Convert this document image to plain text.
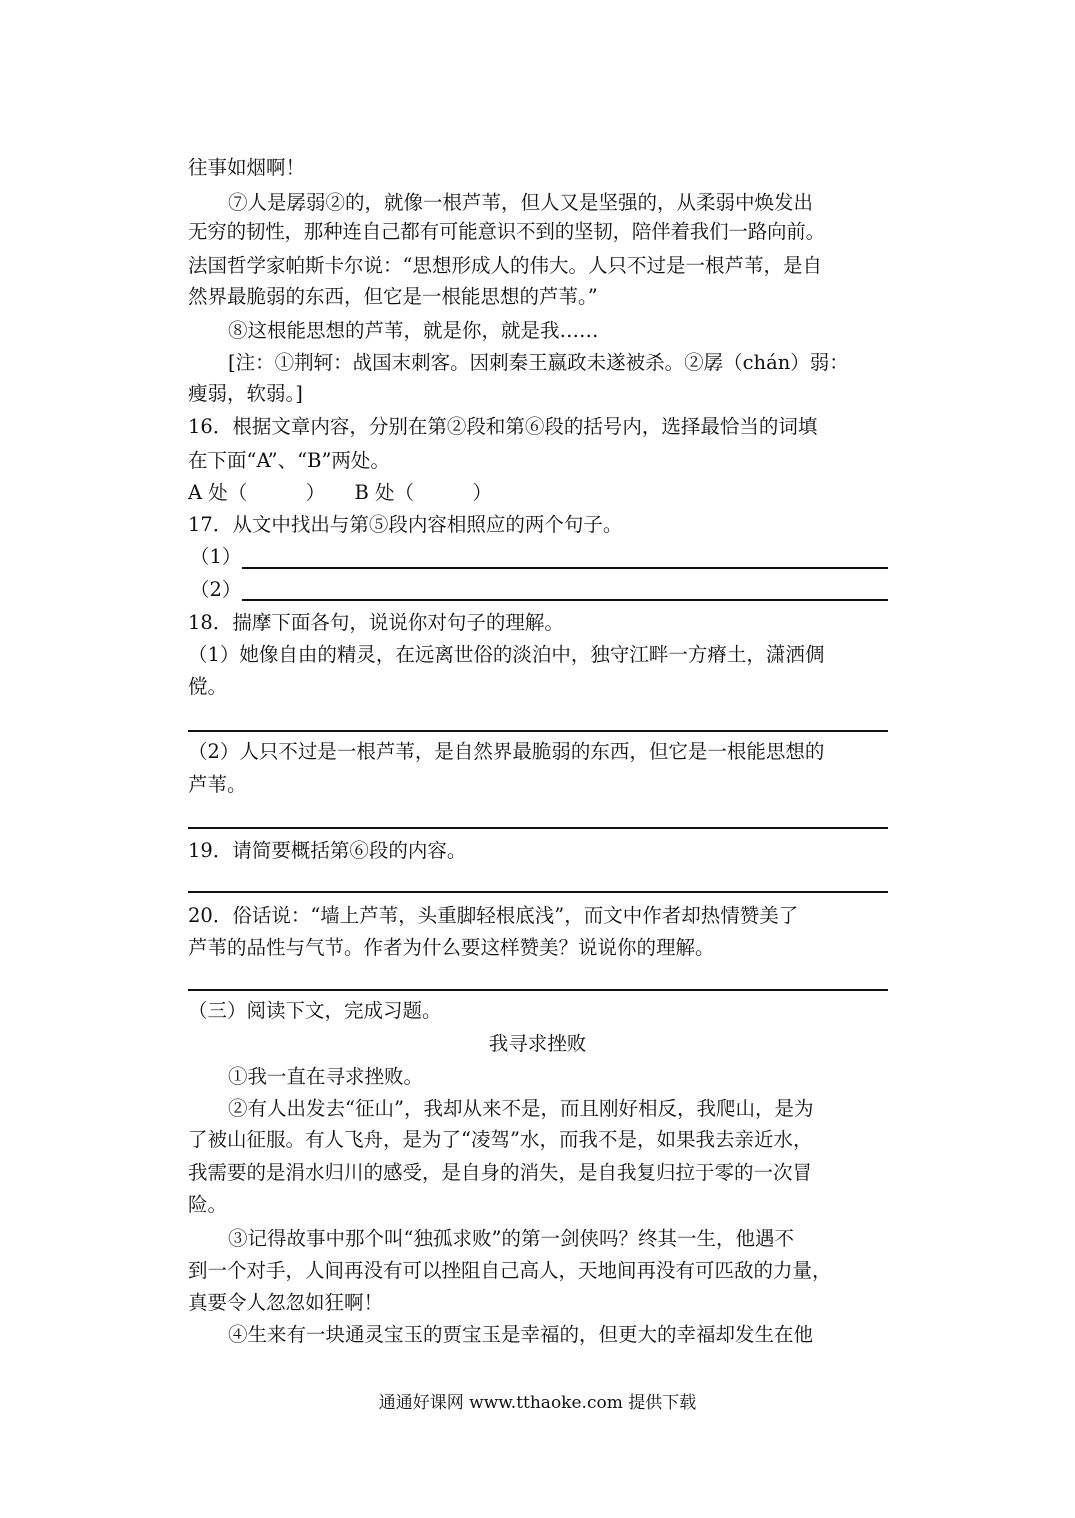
往事如烟啊！
⑦人是孱弱②的，就像一根芦苇，但人又是坚强的，从柔弱中焕发出
无穷的韧性，那种连自己都有可能意识不到的坚韧，陪伴着我们一路向前。
法国哲学家帕斯卡尔说：“思想形成人的伟大。人只不过是一根芦苇，是自
然界最脆弱的东西，但它是一根能思想的芦苇。”
⑧这根能思想的芦苇，就是你，就是我……
[注：①荆轲：战国末刺客。因刺秦王嬴政未遂被杀。②孱（chán）弱：
瘦弱，软弱。]
16．根据文章内容，分别在第②段和第⑥段的括号内，选择最恰当的词填
在下面“A”、“B”两处。
A 处（　　　）　　B 处（　　　）
17．从文中找出与第⑤段内容相照应的两个句子。
（1）
（2）
18．揣摩下面各句，说说你对句子的理解。
（1）她像自由的精灵，在远离世俗的淡泊中，独守江畔一方瘠土，潇洒倜
傥。
（2）人只不过是一根芦苇，是自然界最脆弱的东西，但它是一根能思想的
芦苇。
19．请简要概括第⑥段的内容。
20．俗话说：“墙上芦苇，头重脚轻根底浅”，而文中作者却热情赞美了
芦苇的品性与气节。作者为什么要这样赞美？说说你的理解。
（三）阅读下文，完成习题。
我寻求挫败
①我一直在寻求挫败。
②有人出发去“征山”，我却从来不是，而且刚好相反，我爬山，是为
了被山征服。有人飞舟，是为了“凌驾”水，而我不是，如果我去亲近水，
我需要的是涓水归川的感受，是自身的消失，是自我复归拉于零的一次冒
险。
③记得故事中那个叫“独孤求败”的第一剑侠吗？终其一生，他遇不
到一个对手，人间再没有可以挫阻自己高人，天地间再没有可匹敌的力量，
真要令人忽忽如狂啊！
④生来有一块通灵宝玉的贾宝玉是幸福的，但更大的幸福却发生在他
通通好课网 www.tthaoke.com 提供下载
